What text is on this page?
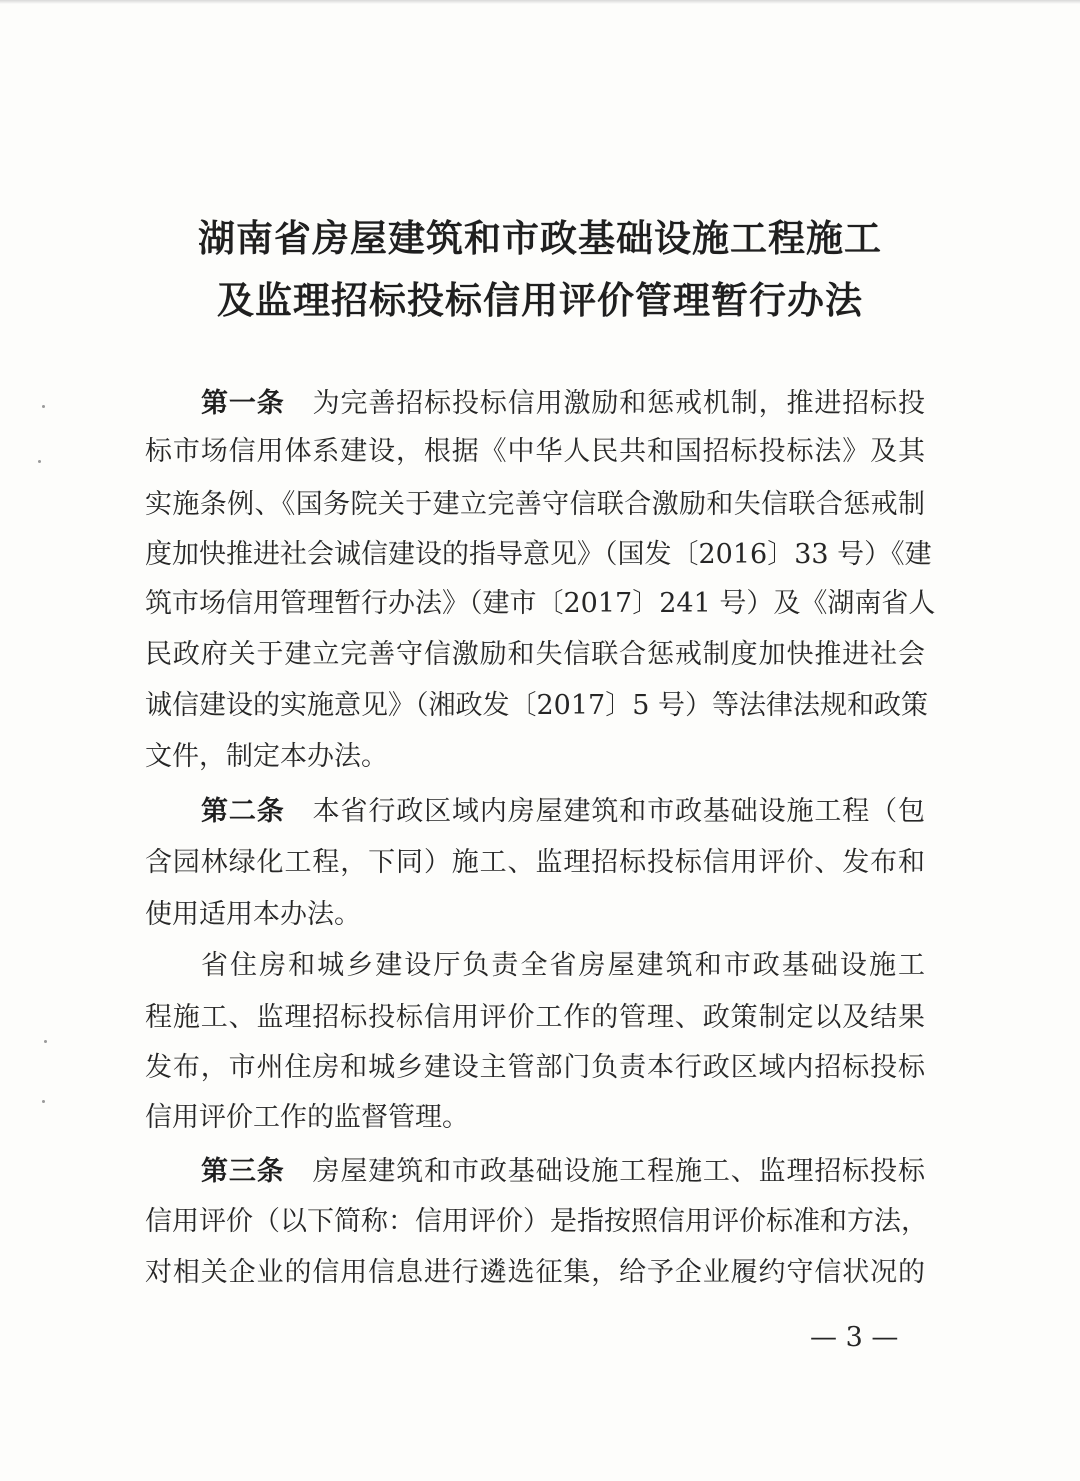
湖南省房屋建筑和市政基础设施工程施工
及监理招标投标信用评价管理暂行办法
第一条 为完善招标投标信用激励和惩戒机制，推进招标投
标市场信用体系建设，根据《中华人民共和国招标投标法》及其
实施条例、《国务院关于建立完善守信联合激励和失信联合惩戒制
度加快推进社会诚信建设的指导意见》（国发〔2016〕33 号）《建
筑市场信用管理暂行办法》（建市〔2017〕241 号）及《湖南省人
民政府关于建立完善守信激励和失信联合惩戒制度加快推进社会
诚信建设的实施意见》（湘政发〔2017〕5 号）等法律法规和政策
文件，制定本办法。
第二条 本省行政区域内房屋建筑和市政基础设施工程（包
含园林绿化工程，下同）施工、监理招标投标信用评价、发布和
使用适用本办法。
省住房和城乡建设厅负责全省房屋建筑和市政基础设施工
程施工、监理招标投标信用评价工作的管理、政策制定以及结果
发布，市州住房和城乡建设主管部门负责本行政区域内招标投标
信用评价工作的监督管理。
第三条 房屋建筑和市政基础设施工程施工、监理招标投标
信用评价（以下简称：信用评价）是指按照信用评价标准和方法，
对相关企业的信用信息进行遴选征集，给予企业履约守信状况的
— 3 —
